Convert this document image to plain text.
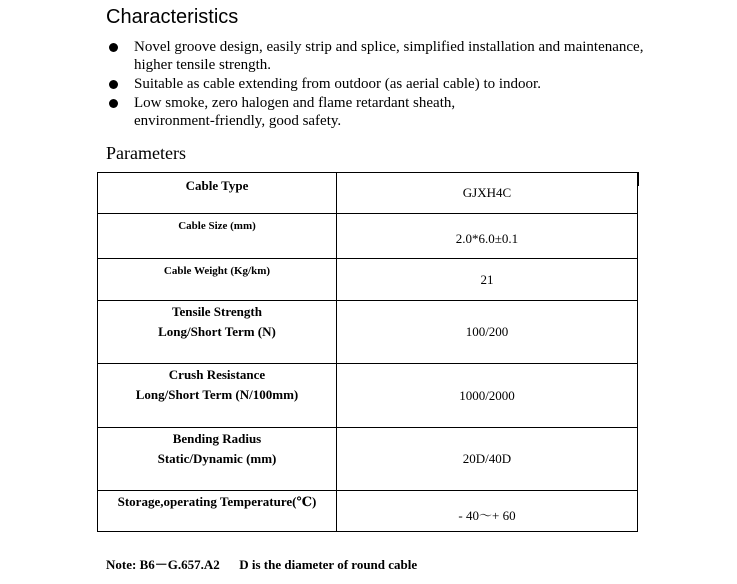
Characteristics
Novel groove design, easily strip and splice, simplified installation and maintenance,
higher tensile strength.
Suitable as cable extending from outdoor (as aerial cable) to indoor.
Low smoke, zero halogen and flame retardant sheath,
environment-friendly, good safety.
Parameters
Cable Type	GJXH4C

Cable Size (mm)	2.0*6.0±0.1

Cable Weight (Kg/km)	21

Tensile Strength
Long/Short Term (N)	100/200

Crush Resistance
Long/Short Term (N/100mm)	1000/2000

Bending Radius
Static/Dynamic (mm)	20D/40D

Storage,operating Temperature(℃)	- 40～+ 60
Note: B6－G.657.A2      D is the diameter of round cable
